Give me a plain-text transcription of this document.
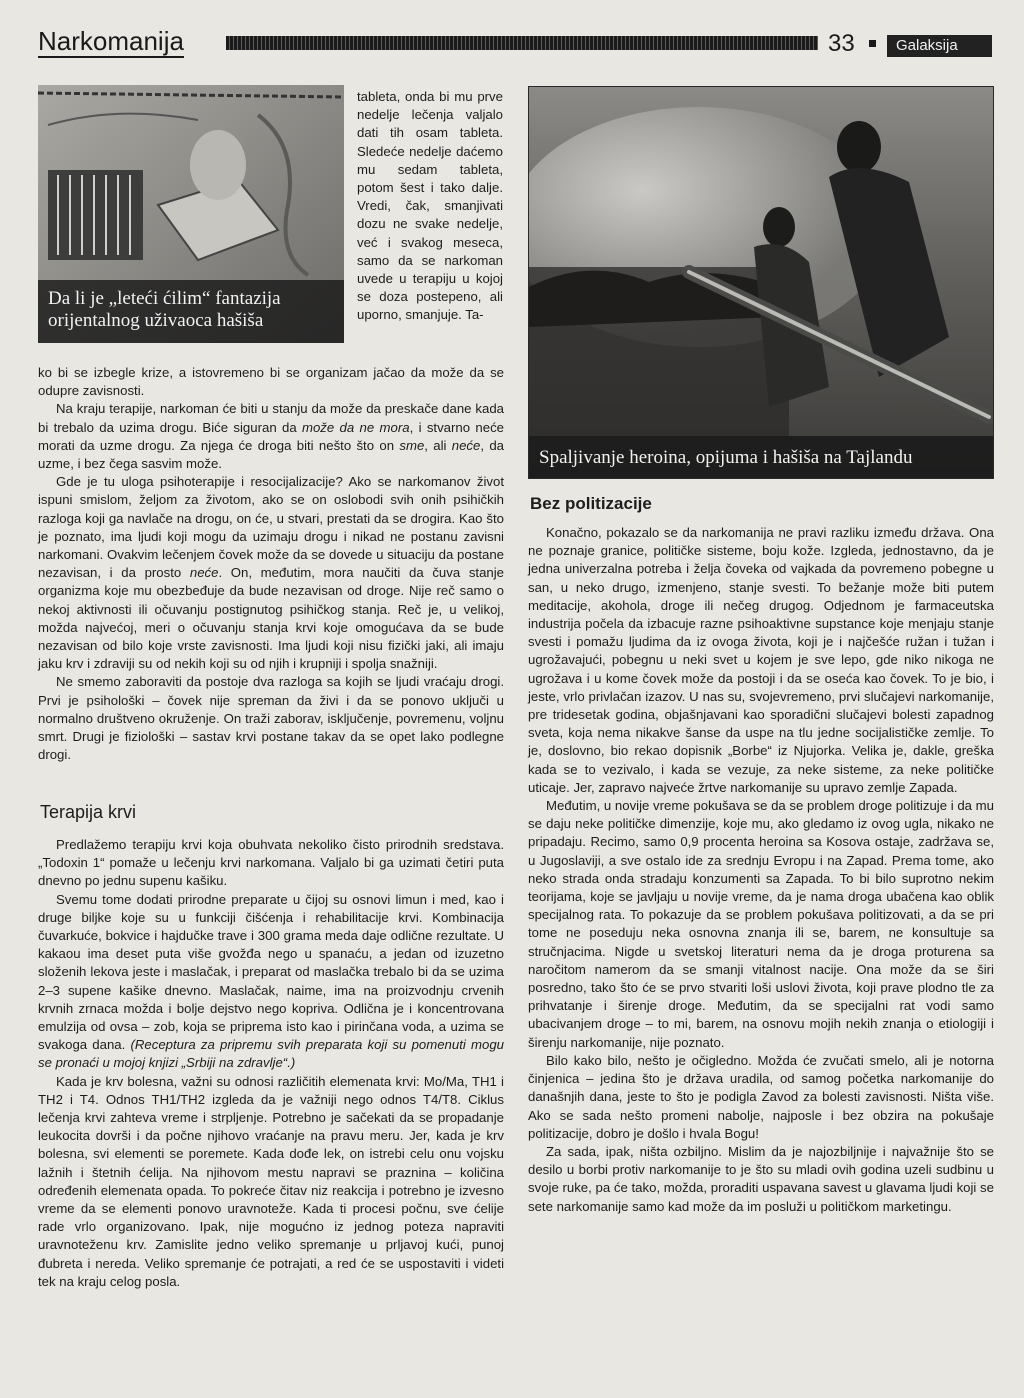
Narkomanija	33	Galaksija
Da li je „leteći ćilim“ fantazija orijentalnog uživaoca hašiša
Spaljivanje heroina, opijuma i hašiša na Tajlandu

tableta, onda bi mu prve nedelje lečenja valjalo dati tih osam tableta. Sledeće nedelje daćemo mu sedam tableta, potom šest i tako dalje. Vredi, čak, smanjivati dozu ne svake nedelje, već i svakog meseca, samo da se narkoman uvede u terapiju u kojoj se doza postepeno, ali uporno, smanjuje. Ta-

ko bi se izbegle krize, a istovremeno bi se organizam jačao da može da se odupre zavisnosti.

Na kraju terapije, narkoman će biti u stanju da može da preskače dane kada bi trebalo da uzima drogu. Biće siguran da može da ne mora, i stvarno neće morati da uzme drogu. Za njega će droga biti nešto što on sme, ali neće, da uzme, i bez čega sasvim može.

Gde je tu uloga psihoterapije i resocijalizacije? Ako se narkomanov život ispuni smislom, željom za životom, ako se on oslobodi svih onih psihičkih razloga koji ga navlače na drogu, on će, u stvari, prestati da se drogira. Kao što je poznato, ima ljudi koji mogu da uzimaju drogu i nikad ne postanu zavisni narkomani. Ovakvim lečenjem čovek može da se dovede u situaciju da postane nezavisan, i da prosto neće. On, međutim, mora naučiti da čuva stanje organizma koje mu obezbeđuje da bude nezavisan od droge. Nije reč samo o nekoj aktivnosti ili očuvanju postignutog psihičkog stanja. Reč je, u velikoj, možda najvećoj, meri o očuvanju stanja krvi koje omogućava da se bude nezavisan od bilo koje vrste zavisnosti. Ima ljudi koji nisu fizički jaki, ali imaju jaku krv i zdraviji su od nekih koji su od njih i krupniji i spolja snažniji.

Ne smemo zaboraviti da postoje dva razloga sa kojih se ljudi vraćaju drogi. Prvi je psihološki – čovek nije spreman da živi i da se ponovo uključi u normalno društveno okruženje. On traži zaborav, isključenje, povremenu, voljnu smrt. Drugi je fiziološki – sastav krvi postane takav da se opet lako podlegne drogi.

Terapija krvi

Predlažemo terapiju krvi koja obuhvata nekoliko čisto prirodnih sredstava. „Todoxin 1“ pomaže u lečenju krvi narkomana. Valjalo bi ga uzimati četiri puta dnevno po jednu supenu kašiku.

Svemu tome dodati prirodne preparate u čijoj su osnovi limun i med, kao i druge biljke koje su u funkciji čišćenja i rehabilitacije krvi. Kombinacija čuvarkuće, bokvice i hajdučke trave i 300 grama meda daje odlične rezultate. U kakaou ima deset puta više gvožđa nego u spanaću, a jedan od izuzetno složenih lekova jeste i maslačak, i preparat od maslačka trebalo bi da se uzima 2–3 supene kašike dnevno. Maslačak, naime, ima na proizvodnju crvenih krvnih zrnaca možda i bolje dejstvo nego kopriva. Odlična je i koncentrovana emulzija od ovsa – zob, koja se priprema isto kao i pirinčana voda, a uzima se svakoga dana. (Receptura za pripremu svih preparata koji su pomenuti mogu se pronaći u mojoj knjizi „Srbiji na zdravlje“.)

Kada je krv bolesna, važni su odnosi različitih elemenata krvi: Mo/Ma, TH1 i TH2 i T4. Odnos TH1/TH2 izgleda da je važniji nego odnos T4/T8. Ciklus lečenja krvi zahteva vreme i strpljenje. Potrebno je sačekati da se propadanje leukocita dovrši i da počne njihovo vraćanje na pravu meru. Jer, kada je krv bolesna, svi elementi se poremete. Kada dođe lek, on istrebi celu onu vojsku lažnih i štetnih ćelija. Na njihovom mestu napravi se praznina – količina određenih elemenata opada. To pokreće čitav niz reakcija i potrebno je izvesno vreme da se elementi ponovo uravnoteže. Kada ti procesi počnu, sve ćelije rade vrlo organizovano. Ipak, nije mogućno iz jednog poteza napraviti uravnoteženu krv. Zamislite jedno veliko spremanje u prljavoj kući, punoj đubreta i nereda. Veliko spremanje će potrajati, a red će se uspostaviti i videti tek na kraju celog posla.

Bez politizacije

Konačno, pokazalo se da narkomanija ne pravi razliku između država. Ona ne poznaje granice, političke sisteme, boju kože. Izgleda, jednostavno, da je jedna univerzalna potreba i želja čoveka od vajkada da povremeno pobegne u san, u neko drugo, izmenjeno, stanje svesti. To bežanje može biti putem meditacije, akohola, droge ili nečeg drugog. Odjednom je farmaceutska industrija počela da izbacuje razne psihoaktivne supstance koje menjaju stanje svesti i pomažu ljudima da iz ovoga života, koji je i najčešće ružan i tužan i ugrožavajući, pobegnu u neki svet u kojem je sve lepo, gde niko nikoga ne ugrožava i u kome čovek može da postoji i da se oseća kao čovek. To je bio, i jeste, vrlo privlačan izazov. U nas su, svojevremeno, prvi slučajevi narkomanije, pre tridesetak godina, objašnjavani kao sporadični slučajevi bolesti zapadnog sveta, koja nema nikakve šanse da uspe na tlu jedne socijalističke zemlje. To je, doslovno, bio rekao dopisnik „Borbe“ iz Njujorka. Velika je, dakle, greška kada se to vezivalo, i kada se vezuje, za neke sisteme, za neke političke uticaje. Jer, zapravo najveće žrtve narkomanije su upravo zemlje Zapada.

Međutim, u novije vreme pokušava se da se problem droge politizuje i da mu se daju neke političke dimenzije, koje mu, ako gledamo iz ovog ugla, nikako ne pripadaju. Recimo, samo 0,9 procenta heroina sa Kosova ostaje, zadržava se, u Jugoslaviji, a sve ostalo ide za srednju Evropu i na Zapad. Prema tome, ako neko strada onda stradaju konzumenti sa Zapada. To bi bilo suprotno nekim teorijama, koje se javljaju u novije vreme, da je nama droga ubačena kao oblik specijalnog rata. To pokazuje da se problem pokušava politizovati, a da se pri tome ne poseduju neka osnovna znanja ili se, barem, ne konsultuje sa stručnjacima. Nigde u svetskoj literaturi nema da je droga proturena sa naročitom namerom da se smanji vitalnost nacije. Ona može da se širi posredno, tako što će se prvo stvariti loši uslovi života, koji prave plodno tle za prihvatanje i širenje droge. Međutim, da se specijalni rat vodi samo ubacivanjem droge – to mi, barem, na osnovu mojih nekih znanja o etiologiji i širenju narkomanije, nije poznato.

Bilo kako bilo, nešto je očigledno. Možda će zvučati smelo, ali je notorna činjenica – jedina što je država uradila, od samog početka narkomanije do današnjih dana, jeste to što je podigla Zavod za bolesti zavisnosti. Ništa više. Ako se sada nešto promeni nabolje, najposle i bez obzira na pokušaje politizacije, dobro je došlo i hvala Bogu!

Za sada, ipak, ništa ozbiljno. Mislim da je najozbiljnije i najvažnije što se desilo u borbi protiv narkomanije to je što su mladi ovih godina uzeli sudbinu u svoje ruke, pa će tako, možda, proraditi uspavana savest u glavama ljudi koji se sete narkomanije samo kad može da im posluži u političkom marketingu.
